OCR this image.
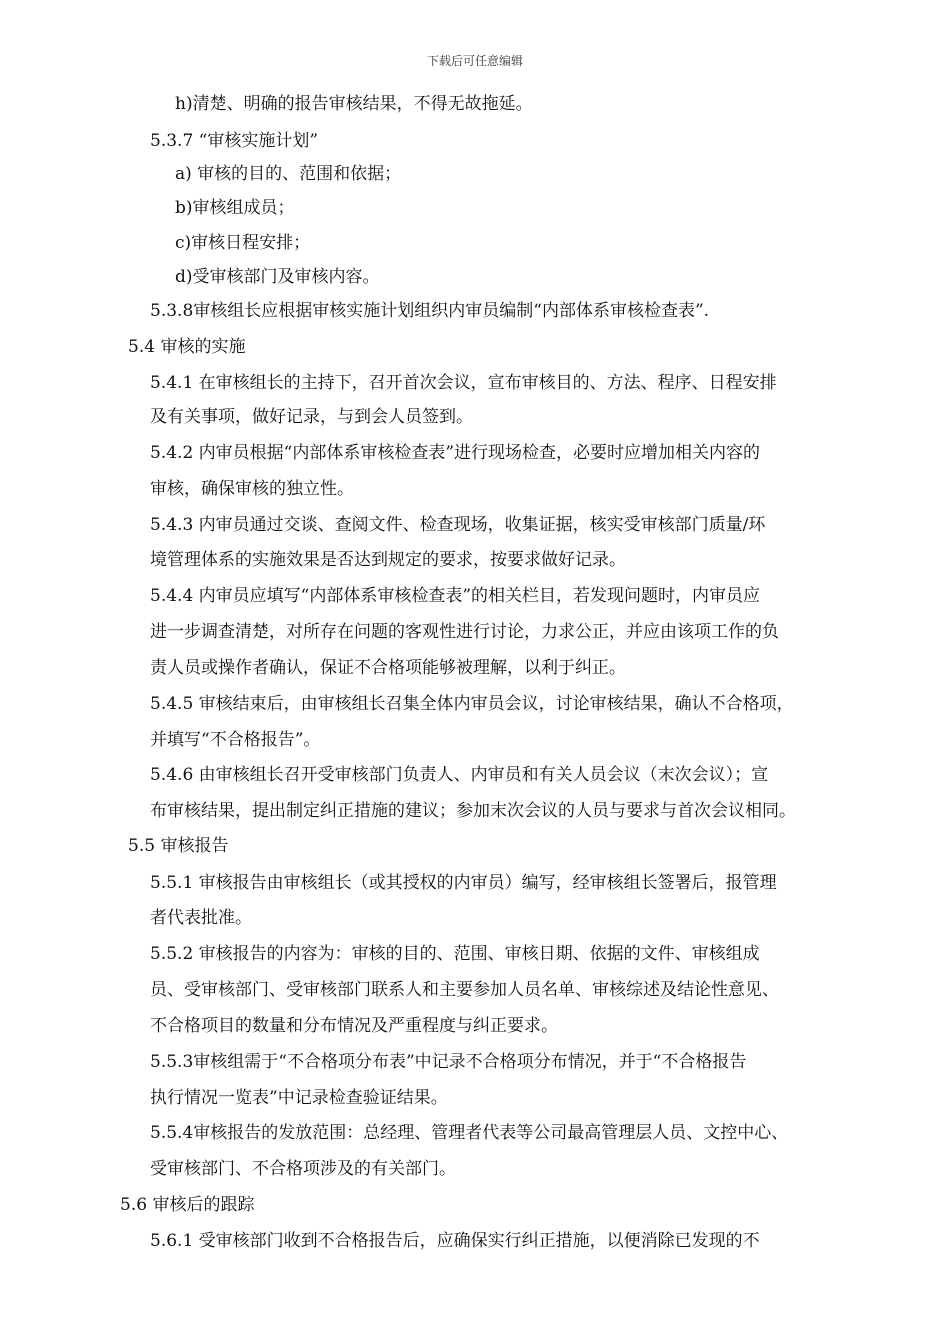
下载后可任意编辑
h)清楚、明确的报告审核结果，不得无故拖延。
5.3.7 “审核实施计划”
a) 审核的目的、范围和依据；
b)审核组成员；
c)审核日程安排；
d)受审核部门及审核内容。
5.3.8审核组长应根据审核实施计划组织内审员编制“内部体系审核检查表”.
5.4 审核的实施
5.4.1 在审核组长的主持下，召开首次会议，宣布审核目的、方法、程序、日程安排
及有关事项，做好记录，与到会人员签到。
5.4.2 内审员根据“内部体系审核检查表”进行现场检查，必要时应增加相关内容的
审核，确保审核的独立性。
5.4.3 内审员通过交谈、查阅文件、检查现场，收集证据，核实受审核部门质量/环
境管理体系的实施效果是否达到规定的要求，按要求做好记录。
5.4.4 内审员应填写“内部体系审核检查表”的相关栏目，若发现问题时，内审员应
进一步调查清楚，对所存在问题的客观性进行讨论，力求公正，并应由该项工作的负
责人员或操作者确认，保证不合格项能够被理解，以利于纠正。
5.4.5 审核结束后，由审核组长召集全体内审员会议，讨论审核结果，确认不合格项，
并填写“不合格报告”。
5.4.6 由审核组长召开受审核部门负责人、内审员和有关人员会议（末次会议）；宣
布审核结果，提出制定纠正措施的建议；参加末次会议的人员与要求与首次会议相同。
5.5 审核报告
5.5.1 审核报告由审核组长（或其授权的内审员）编写，经审核组长签署后，报管理
者代表批准。
5.5.2 审核报告的内容为：审核的目的、范围、审核日期、依据的文件、审核组成
员、受审核部门、受审核部门联系人和主要参加人员名单、审核综述及结论性意见、
不合格项目的数量和分布情况及严重程度与纠正要求。
5.5.3审核组需于“不合格项分布表”中记录不合格项分布情况，并于“不合格报告
执行情况一览表”中记录检查验证结果。
5.5.4审核报告的发放范围：总经理、管理者代表等公司最高管理层人员、文控中心、
受审核部门、不合格项涉及的有关部门。
5.6 审核后的跟踪
5.6.1 受审核部门收到不合格报告后，应确保实行纠正措施，以便消除已发现的不
